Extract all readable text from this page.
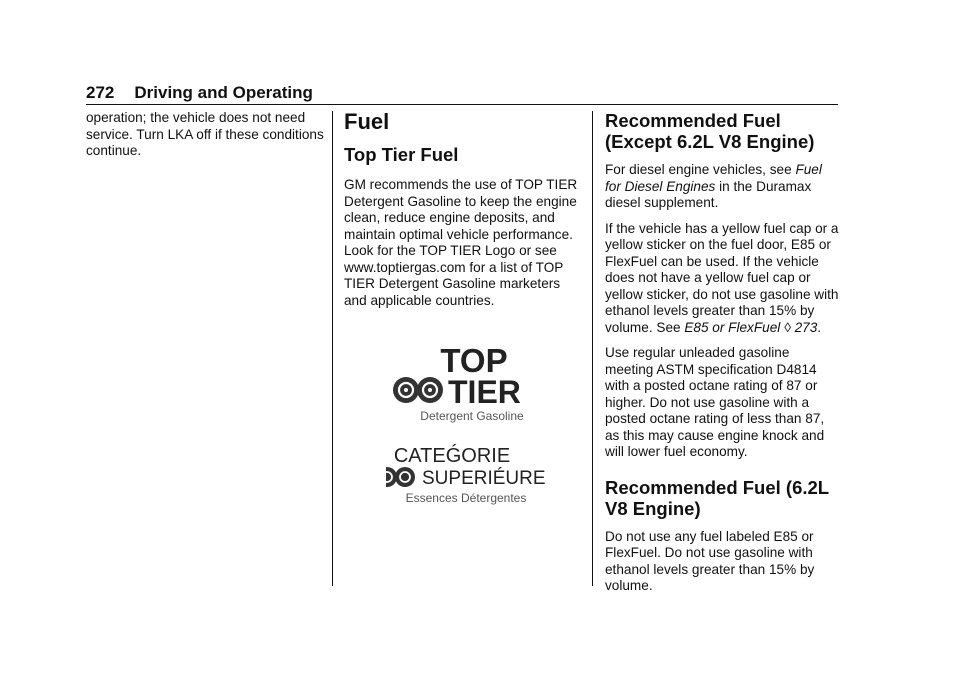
272 Driving and Operating

operation; the vehicle does not need service. Turn LKA off if these conditions continue.

Fuel
Top Tier Fuel

GM recommends the use of TOP TIER Detergent Gasoline to keep the engine clean, reduce engine deposits, and maintain optimal vehicle performance. Look for the TOP TIER Logo or see www.toptiergas.com for a list of TOP TIER Detergent Gasoline marketers and applicable countries.

TOP
TIER
Detergent Gasoline
CATEǴORIE
SUPERIÉURE
Essences Détergentes
Recommended Fuel (Except 6.2L V8 Engine)

For diesel engine vehicles, see Fuel for Diesel Engines in the Duramax diesel supplement.

If the vehicle has a yellow fuel cap or a yellow sticker on the fuel door, E85 or FlexFuel can be used. If the vehicle does not have a yellow fuel cap or yellow sticker, do not use gasoline with ethanol levels greater than 15% by volume. See E85 or FlexFuel ◊ 273.

Use regular unleaded gasoline meeting ASTM specification D4814 with a posted octane rating of 87 or higher. Do not use gasoline with a posted octane rating of less than 87, as this may cause engine knock and will lower fuel economy.

Recommended Fuel (6.2L V8 Engine)

Do not use any fuel labeled E85 or FlexFuel. Do not use gasoline with ethanol levels greater than 15% by volume.
